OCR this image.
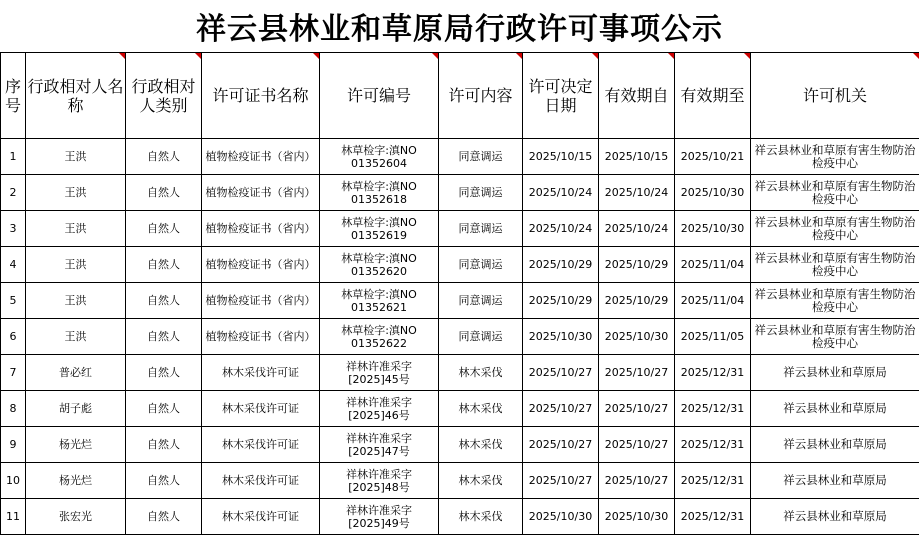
祥云县林业和草原局行政许可事项公示
序号	行政相对人名称	行政相对人类别	许可证书名称	许可编号	许可内容	许可决定日期	有效期自	有效期至	许可机关

1	王洪	自然人	植物检疫证书（省内）	林草检字:滇NO 01352604	同意调运	2025/10/15	2025/10/15	2025/10/21	祥云县林业和草原有害生物防治检疫中心
2	王洪	自然人	植物检疫证书（省内）	林草检字:滇NO 01352618	同意调运	2025/10/24	2025/10/24	2025/10/30	祥云县林业和草原有害生物防治检疫中心
3	王洪	自然人	植物检疫证书（省内）	林草检字:滇NO 01352619	同意调运	2025/10/24	2025/10/24	2025/10/30	祥云县林业和草原有害生物防治检疫中心
4	王洪	自然人	植物检疫证书（省内）	林草检字:滇NO 01352620	同意调运	2025/10/29	2025/10/29	2025/11/04	祥云县林业和草原有害生物防治检疫中心
5	王洪	自然人	植物检疫证书（省内）	林草检字:滇NO 01352621	同意调运	2025/10/29	2025/10/29	2025/11/04	祥云县林业和草原有害生物防治检疫中心
6	王洪	自然人	植物检疫证书（省内）	林草检字:滇NO 01352622	同意调运	2025/10/30	2025/10/30	2025/11/05	祥云县林业和草原有害生物防治检疫中心
7	普必红	自然人	林木采伐许可证	祥林许准采字[2025]45号	林木采伐	2025/10/27	2025/10/27	2025/12/31	祥云县林业和草原局
8	胡子彪	自然人	林木采伐许可证	祥林许准采字[2025]46号	林木采伐	2025/10/27	2025/10/27	2025/12/31	祥云县林业和草原局
9	杨光烂	自然人	林木采伐许可证	祥林许准采字[2025]47号	林木采伐	2025/10/27	2025/10/27	2025/12/31	祥云县林业和草原局
10	杨光烂	自然人	林木采伐许可证	祥林许准采字[2025]48号	林木采伐	2025/10/27	2025/10/27	2025/12/31	祥云县林业和草原局
11	张宏光	自然人	林木采伐许可证	祥林许准采字[2025]49号	林木采伐	2025/10/30	2025/10/30	2025/12/31	祥云县林业和草原局
